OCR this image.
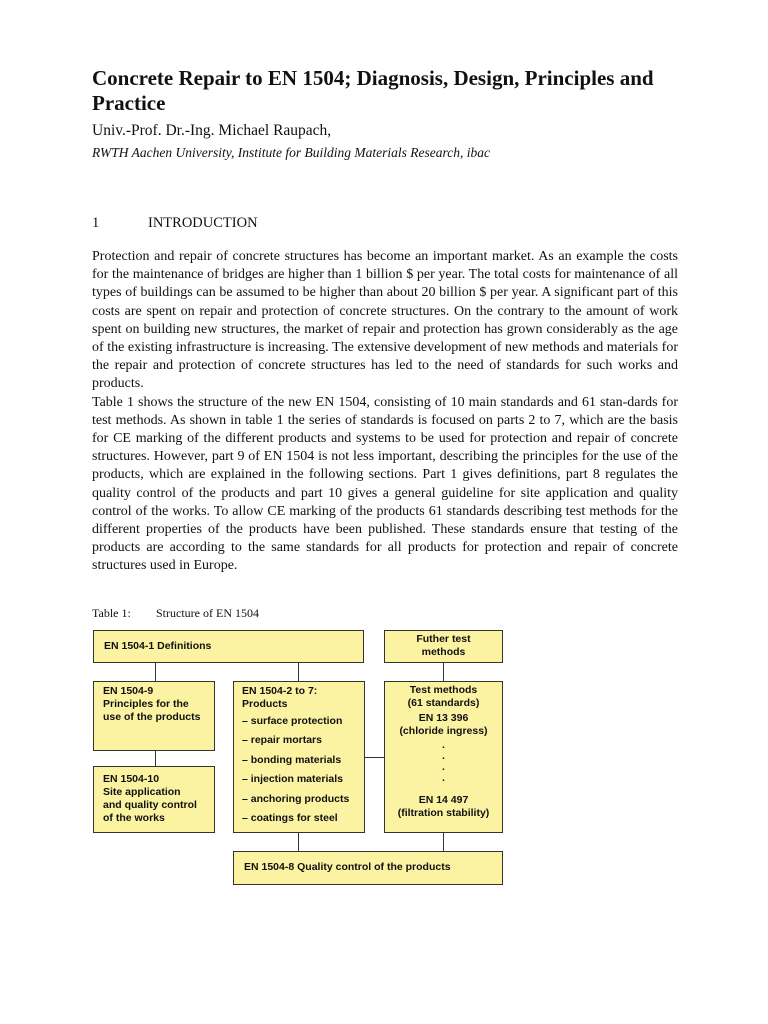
Concrete Repair to EN 1504; Diagnosis, Design, Principles and Practice
Univ.-Prof. Dr.-Ing. Michael Raupach,
RWTH Aachen University, Institute for Building Materials Research, ibac
1	INTRODUCTION

Protection and repair of concrete structures has become an important market. As an example the costs for the maintenance of bridges are higher than 1 billion $ per year. The total costs for maintenance of all types of buildings can be assumed to be higher than about 20 billion $ per year. A significant part of this costs are spent on repair and protection of concrete structures. On the contrary to the amount of work spent on building new structures, the market of repair and protection has grown considerably as the age of the existing infrastructure is increasing. The extensive development of new methods and materials for the repair and protection of concrete structures has led to the need of standards for such works and products.

Table 1 shows the structure of the new EN 1504, consisting of 10 main standards and 61 stan-dards for test methods. As shown in table 1 the series of standards is focused on parts 2 to 7, which are the basis for CE marking of the different products and systems to be used for protection and repair of concrete structures. However, part 9 of EN 1504 is not less important, describing the principles for the use of the products, which are explained in the following sections. Part 1 gives definitions, part 8 regulates the quality control of the products and part 10 gives a general guideline for site application and quality control of the works. To allow CE marking of the products 61 standards describing test methods for the different properties of the products have been published. These standards ensure that testing of the products are according to the same standards for all products for protection and repair of concrete structures used in Europe.

Table 1: Structure of EN 1504
EN 1504-1 Definitions
Futher test
methods
EN 1504-9
Principles for the
use of the products
EN 1504-2 to 7:
Products
– surface protection
– repair mortars
– bonding materials
– injection materials
– anchoring products
– coatings for steel
Test methods
(61 standards)
EN 13 396
(chloride ingress)
.
.
.
.
EN 14 497
(filtration stability)
EN 1504-10
Site application
and quality control
of the works
EN 1504-8 Quality control of the products
